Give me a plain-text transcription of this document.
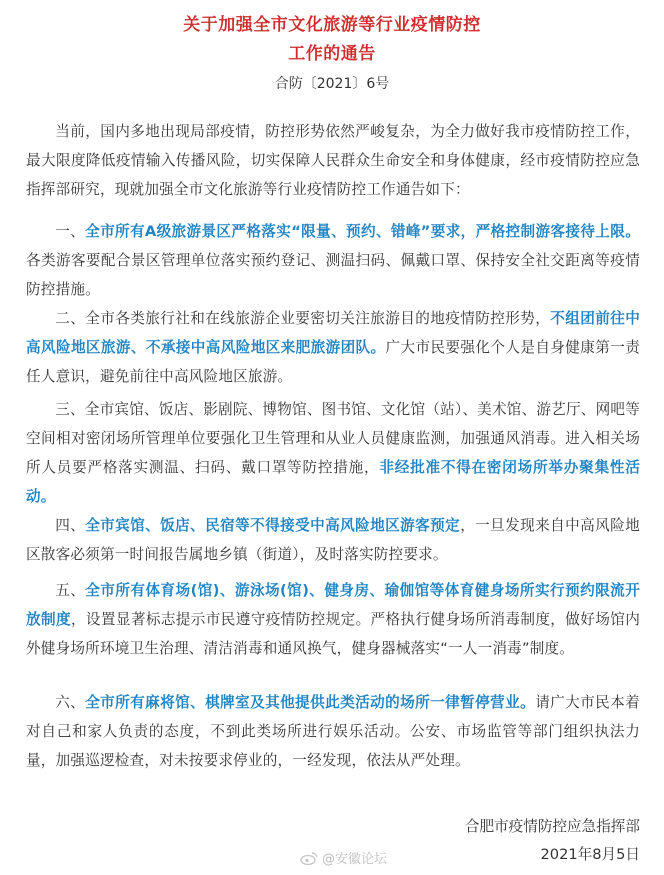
关于加强全市文化旅游等行业疫情防控
工作的通告
合防〔2021〕6号
当前，国内多地出现局部疫情，防控形势依然严峻复杂，为全力做好我市疫情防控工作，最大限度降低疫情输入传播风险，切实保障人民群众生命安全和身体健康，经市疫情防控应急指挥部研究，现就加强全市文化旅游等行业疫情防控工作通告如下：
一、全市所有A级旅游景区严格落实“限量、预约、错峰”要求，严格控制游客接待上限。各类游客要配合景区管理单位落实预约登记、测温扫码、佩戴口罩、保持安全社交距离等疫情防控措施。
二、全市各类旅行社和在线旅游企业要密切关注旅游目的地疫情防控形势，不组团前往中高风险地区旅游、不承接中高风险地区来肥旅游团队。广大市民要强化个人是自身健康第一责任人意识，避免前往中高风险地区旅游。
三、全市宾馆、饭店、影剧院、博物馆、图书馆、文化馆（站）、美术馆、游艺厅、网吧等空间相对密闭场所管理单位要强化卫生管理和从业人员健康监测，加强通风消毒。进入相关场所人员要严格落实测温、扫码、戴口罩等防控措施，非经批准不得在密闭场所举办聚集性活动。
四、全市宾馆、饭店、民宿等不得接受中高风险地区游客预定，一旦发现来自中高风险地区散客必须第一时间报告属地乡镇（街道），及时落实防控要求。
五、全市所有体育场(馆)、游泳场(馆)、健身房、瑜伽馆等体育健身场所实行预约限流开放制度，设置显著标志提示市民遵守疫情防控规定。严格执行健身场所消毒制度，做好场馆内外健身场所环境卫生治理、清洁消毒和通风换气，健身器械落实“一人一消毒”制度。
六、全市所有麻将馆、棋牌室及其他提供此类活动的场所一律暂停营业。请广大市民本着对自己和家人负责的态度，不到此类场所进行娱乐活动。公安、市场监管等部门组织执法力量，加强巡逻检查，对未按要求停业的，一经发现，依法从严处理。
合肥市疫情防控应急指挥部
2021年8月5日
@安徽论坛
